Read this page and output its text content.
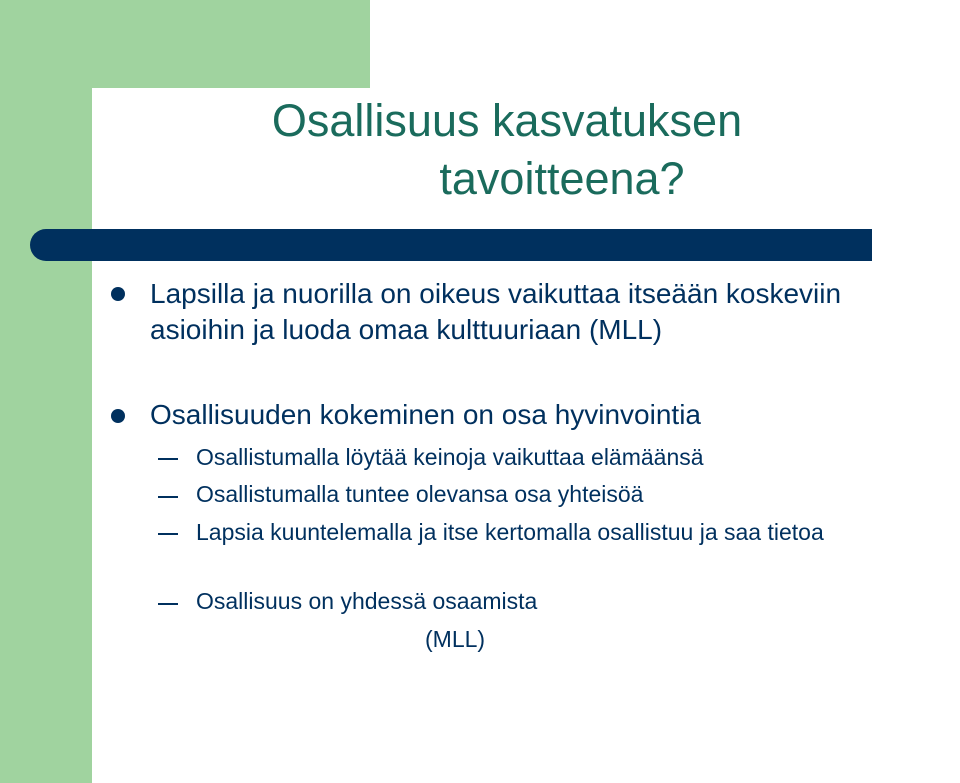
Osallisuus kasvatuksen
tavoitteena?
Lapsilla ja nuorilla on oikeus vaikuttaa itseään koskeviin asioihin ja luoda omaa kulttuuriaan (MLL)
Osallisuuden kokeminen on osa hyvinvointia
Osallistumalla löytää keinoja vaikuttaa elämäänsä
Osallistumalla tuntee olevansa osa yhteisöä
Lapsia kuuntelemalla ja itse kertomalla osallistuu ja saa tietoa
Osallisuus on yhdessä osaamista
(MLL)
